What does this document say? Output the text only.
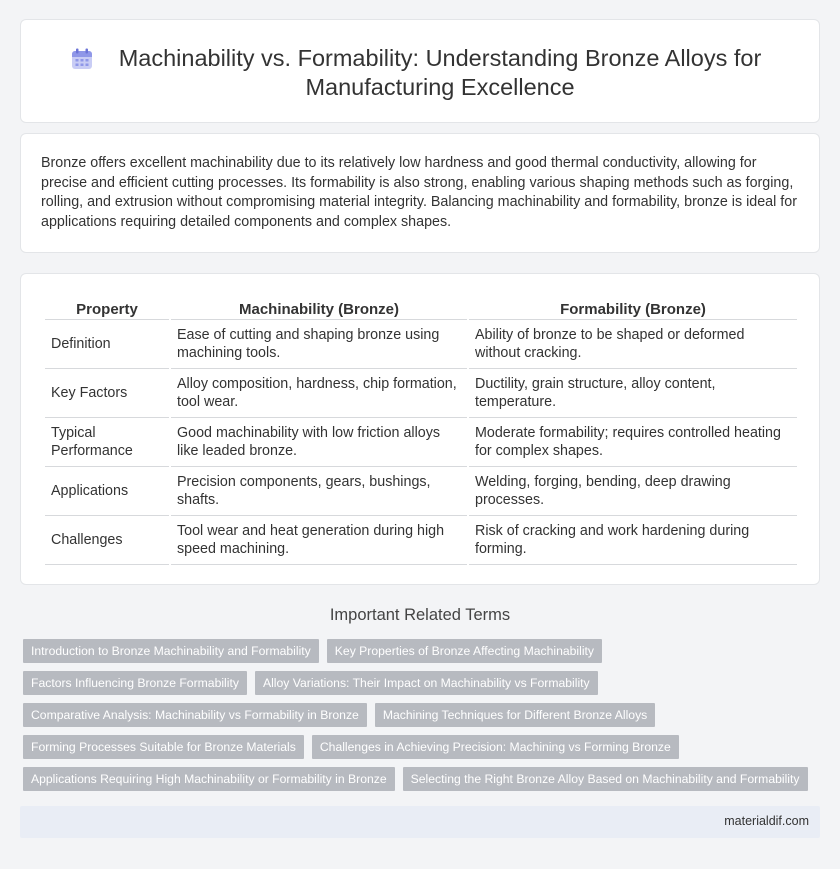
Machinability vs. Formability: Understanding Bronze Alloys for Manufacturing Excellence

Bronze offers excellent machinability due to its relatively low hardness and good thermal conductivity, allowing for precise and efficient cutting processes. Its formability is also strong, enabling various shaping methods such as forging, rolling, and extrusion without compromising material integrity. Balancing machinability and formability, bronze is ideal for applications requiring detailed components and complex shapes.

Property	Machinability (Bronze)	Formability (Bronze)
Definition	Ease of cutting and shaping bronze using machining tools.	Ability of bronze to be shaped or deformed without cracking.
Key Factors	Alloy composition, hardness, chip formation, tool wear.	Ductility, grain structure, alloy content, temperature.
Typical Performance	Good machinability with low friction alloys like leaded bronze.	Moderate formability; requires controlled heating for complex shapes.
Applications	Precision components, gears, bushings, shafts.	Welding, forging, bending, deep drawing processes.
Challenges	Tool wear and heat generation during high speed machining.	Risk of cracking and work hardening during forming.
Important Related Terms
Introduction to Bronze Machinability and Formability	Key Properties of Bronze Affecting Machinability
Factors Influencing Bronze Formability	Alloy Variations: Their Impact on Machinability vs Formability
Comparative Analysis: Machinability vs Formability in Bronze	Machining Techniques for Different Bronze Alloys
Forming Processes Suitable for Bronze Materials	Challenges in Achieving Precision: Machining vs Forming Bronze
Applications Requiring High Machinability or Formability in Bronze	Selecting the Right Bronze Alloy Based on Machinability and Formability
materialdif.com
